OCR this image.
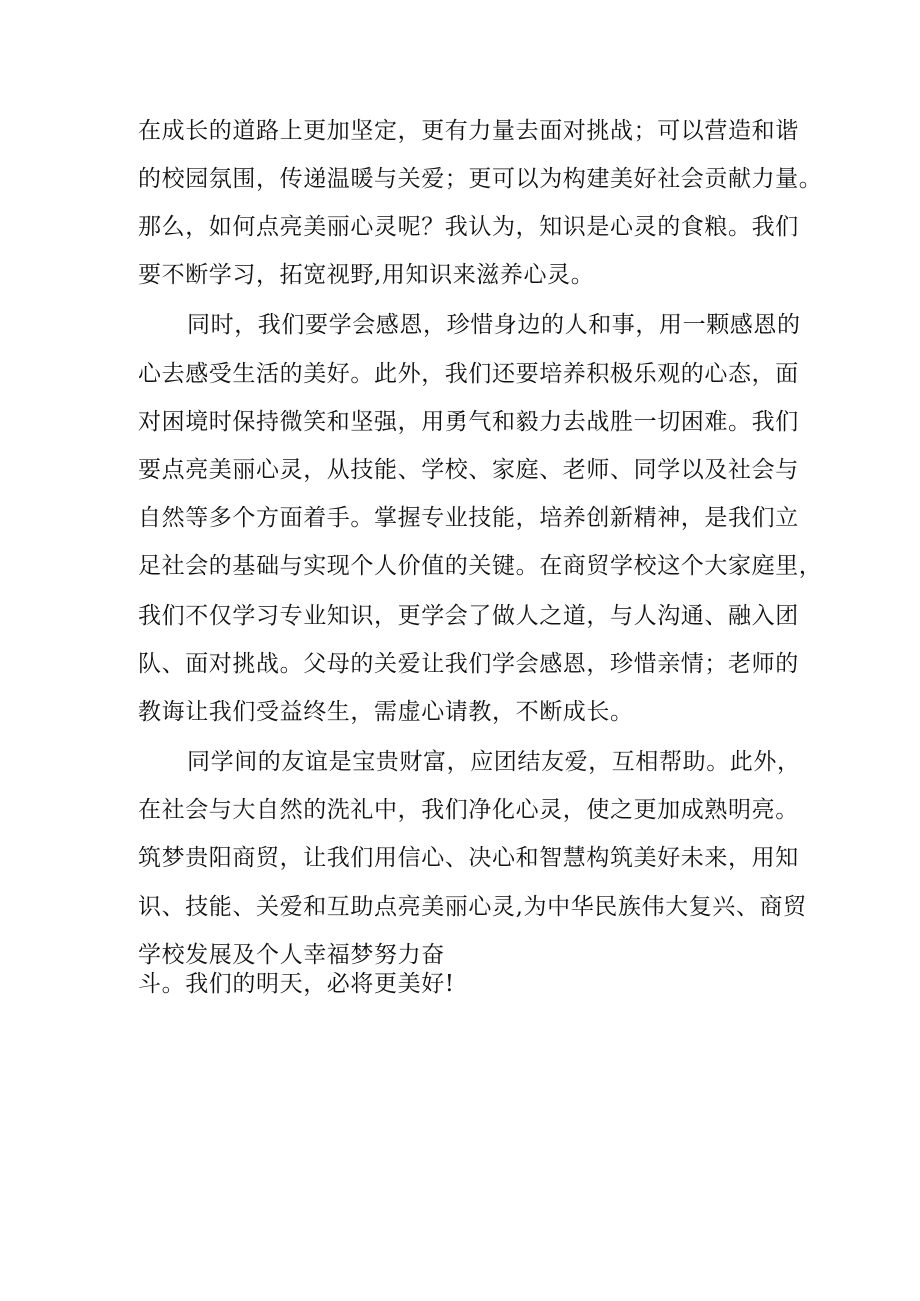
在成长的道路上更加坚定，更有力量去面对挑战；可以营造和谐
的校园氛围，传递温暖与关爱；更可以为构建美好社会贡献力量。
那么，如何点亮美丽心灵呢？我认为，知识是心灵的食粮。我们
要不断学习，拓宽视野,用知识来滋养心灵。
同时，我们要学会感恩，珍惜身边的人和事，用一颗感恩的
心去感受生活的美好。此外，我们还要培养积极乐观的心态，面
对困境时保持微笑和坚强，用勇气和毅力去战胜一切困难。我们
要点亮美丽心灵，从技能、学校、家庭、老师、同学以及社会与
自然等多个方面着手。掌握专业技能，培养创新精神，是我们立
足社会的基础与实现个人价值的关键。在商贸学校这个大家庭里，
我们不仅学习专业知识，更学会了做人之道，与人沟通、融入团
队、面对挑战。父母的关爱让我们学会感恩，珍惜亲情；老师的
教诲让我们受益终生，需虚心请教，不断成长。
同学间的友谊是宝贵财富，应团结友爱，互相帮助。此外，
在社会与大自然的洗礼中，我们净化心灵，使之更加成熟明亮。
筑梦贵阳商贸，让我们用信心、决心和智慧构筑美好未来，用知
识、技能、关爱和互助点亮美丽心灵,为中华民族伟大复兴、商贸
学校发展及个人幸福梦努力奋
斗。我们的明天，必将更美好!
